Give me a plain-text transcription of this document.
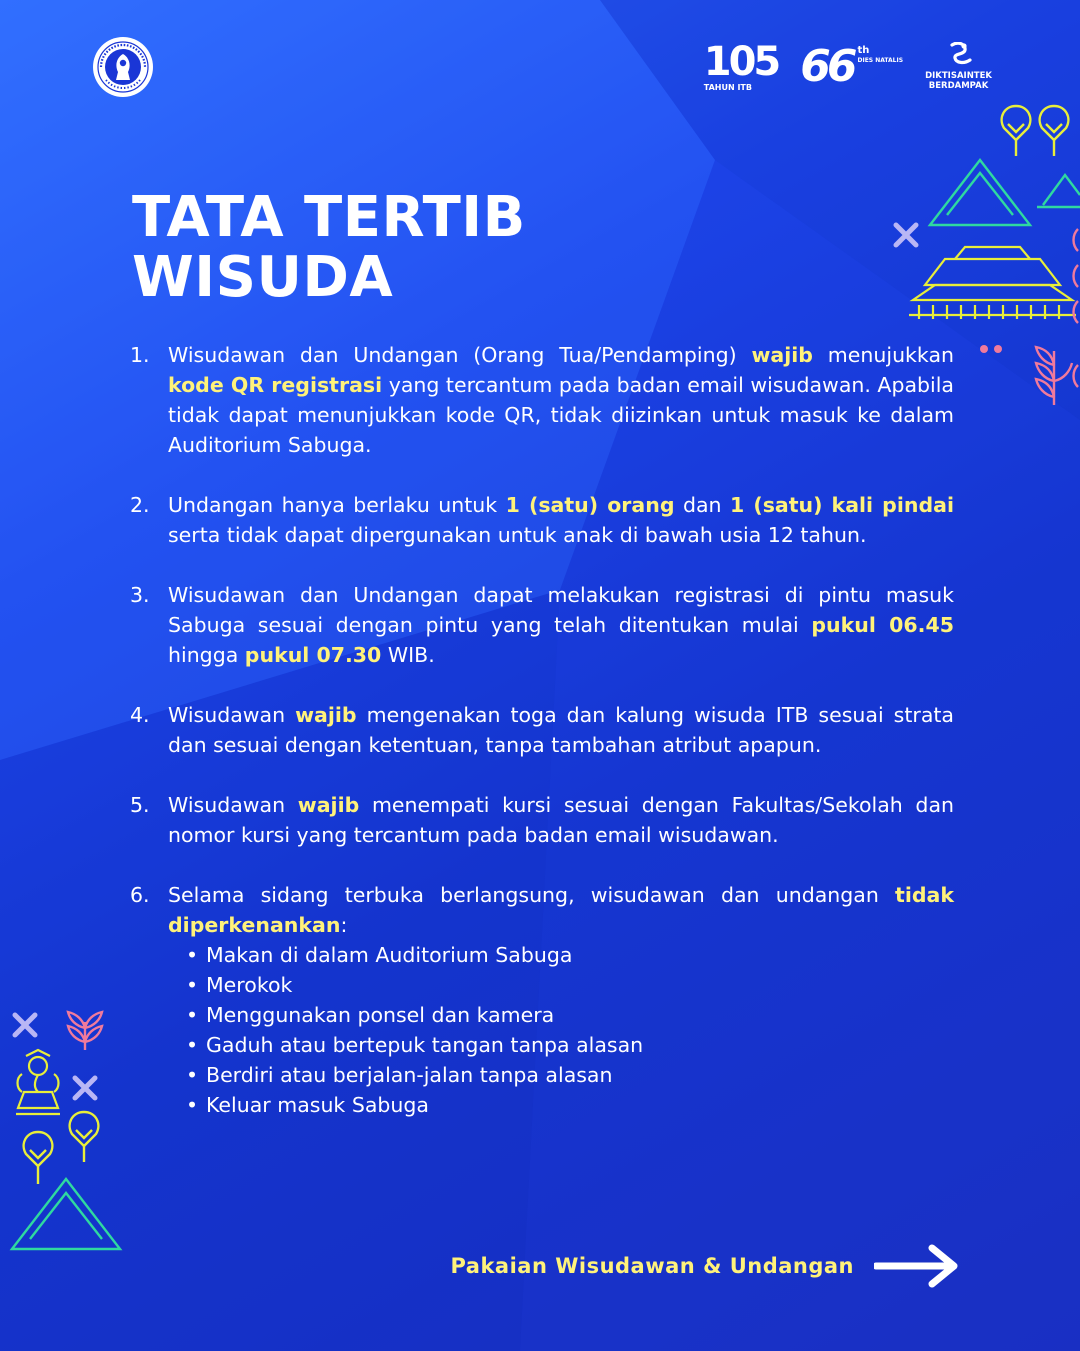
105
TAHUN ITB	66 th
DIES NATALIS
DIKTISAINTEK
BERDAMPAK
TATA TERTIB
WISUDA
1. Wisudawan dan Undangan (Orang Tua/Pendamping) wajib menujukkan kode QR registrasi yang tercantum pada badan email wisudawan. Apabila tidak dapat menunjukkan kode QR, tidak diizinkan untuk masuk ke dalam Auditorium Sabuga.
2. Undangan hanya berlaku untuk 1 (satu) orang dan 1 (satu) kali pindai serta tidak dapat dipergunakan untuk anak di bawah usia 12 tahun.
3. Wisudawan dan Undangan dapat melakukan registrasi di pintu masuk Sabuga sesuai dengan pintu yang telah ditentukan mulai pukul 06.45 hingga pukul 07.30 WIB.
4. Wisudawan wajib mengenakan toga dan kalung wisuda ITB sesuai strata dan sesuai dengan ketentuan, tanpa tambahan atribut apapun.
5. Wisudawan wajib menempati kursi sesuai dengan Fakultas/Sekolah dan nomor kursi yang tercantum pada badan email wisudawan.
6. Selama sidang terbuka berlangsung, wisudawan dan undangan tidak diperkenankan:
• Makan di dalam Auditorium Sabuga
• Merokok
• Menggunakan ponsel dan kamera
• Gaduh atau bertepuk tangan tanpa alasan
• Berdiri atau berjalan-jalan tanpa alasan
• Keluar masuk Sabuga
Pakaian Wisudawan & Undangan
